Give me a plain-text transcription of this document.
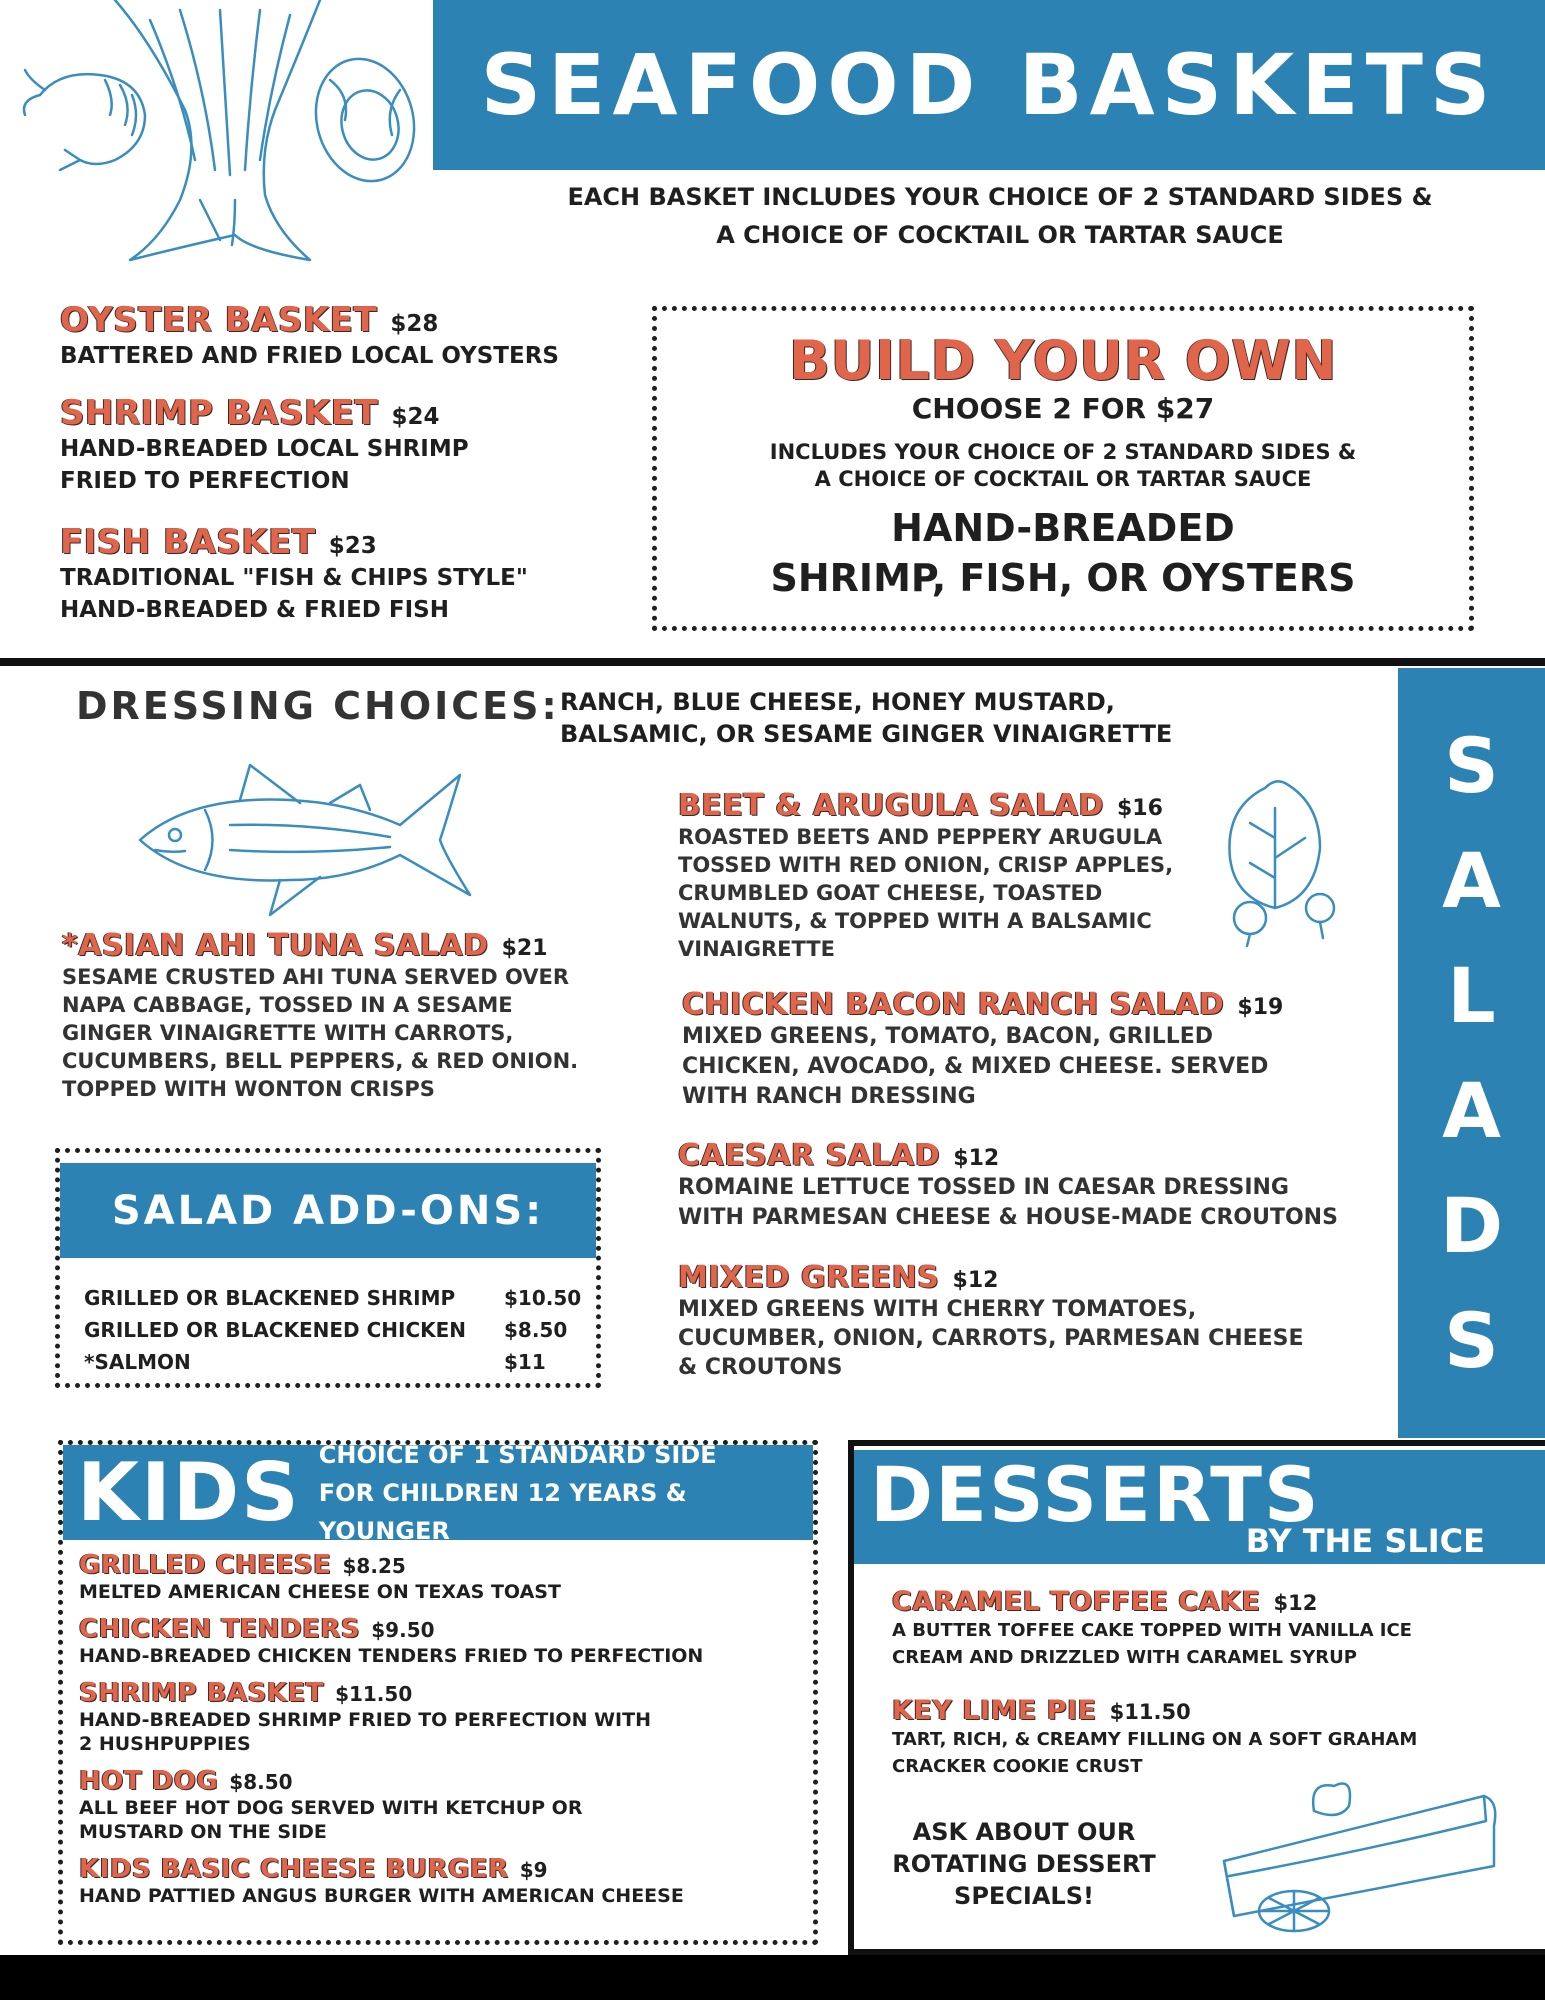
SEAFOOD BASKETS
EACH BASKET INCLUDES YOUR CHOICE OF 2 STANDARD SIDES &
A CHOICE OF COCKTAIL OR TARTAR SAUCE
OYSTER BASKET $28
BATTERED AND FRIED LOCAL OYSTERS
SHRIMP BASKET $24
HAND-BREADED LOCAL SHRIMP
FRIED TO PERFECTION
FISH BASKET $23
TRADITIONAL "FISH & CHIPS STYLE"
HAND-BREADED & FRIED FISH
BUILD YOUR OWN
CHOOSE 2 FOR $27
INCLUDES YOUR CHOICE OF 2 STANDARD SIDES &
A CHOICE OF COCKTAIL OR TARTAR SAUCE
HAND-BREADED
SHRIMP, FISH, OR OYSTERS
S
A
L
A
D
S
DRESSING CHOICES: RANCH, BLUE CHEESE, HONEY MUSTARD,
BALSAMIC, OR SESAME GINGER VINAIGRETTE
*ASIAN AHI TUNA SALAD $21
SESAME CRUSTED AHI TUNA SERVED OVER
NAPA CABBAGE, TOSSED IN A SESAME
GINGER VINAIGRETTE WITH CARROTS,
CUCUMBERS, BELL PEPPERS, & RED ONION.
TOPPED WITH WONTON CRISPS
SALAD ADD-ONS:
GRILLED OR BLACKENED SHRIMP	$10.50
GRILLED OR BLACKENED CHICKEN	$8.50
*SALMON	$11
BEET & ARUGULA SALAD $16
ROASTED BEETS AND PEPPERY ARUGULA
TOSSED WITH RED ONION, CRISP APPLES,
CRUMBLED GOAT CHEESE, TOASTED
WALNUTS, & TOPPED WITH A BALSAMIC
VINAIGRETTE
CHICKEN BACON RANCH SALAD $19
MIXED GREENS, TOMATO, BACON, GRILLED
CHICKEN, AVOCADO, & MIXED CHEESE. SERVED
WITH RANCH DRESSING
CAESAR SALAD $12
ROMAINE LETTUCE TOSSED IN CAESAR DRESSING
WITH PARMESAN CHEESE & HOUSE-MADE CROUTONS
MIXED GREENS $12
MIXED GREENS WITH CHERRY TOMATOES,
CUCUMBER, ONION, CARROTS, PARMESAN CHEESE
& CROUTONS
KIDS CHOICE OF 1 STANDARD SIDE
FOR CHILDREN 12 YEARS & YOUNGER
GRILLED CHEESE $8.25
MELTED AMERICAN CHEESE ON TEXAS TOAST
CHICKEN TENDERS $9.50
HAND-BREADED CHICKEN TENDERS FRIED TO PERFECTION
SHRIMP BASKET $11.50
HAND-BREADED SHRIMP FRIED TO PERFECTION WITH
2 HUSHPUPPIES
HOT DOG $8.50
ALL BEEF HOT DOG SERVED WITH KETCHUP OR
MUSTARD ON THE SIDE
KIDS BASIC CHEESE BURGER $9
HAND PATTIED ANGUS BURGER WITH AMERICAN CHEESE
DESSERTS
BY THE SLICE
CARAMEL TOFFEE CAKE $12
A BUTTER TOFFEE CAKE TOPPED WITH VANILLA ICE
CREAM AND DRIZZLED WITH CARAMEL SYRUP
KEY LIME PIE $11.50
TART, RICH, & CREAMY FILLING ON A SOFT GRAHAM
CRACKER COOKIE CRUST
ASK ABOUT OUR
ROTATING DESSERT
SPECIALS!
